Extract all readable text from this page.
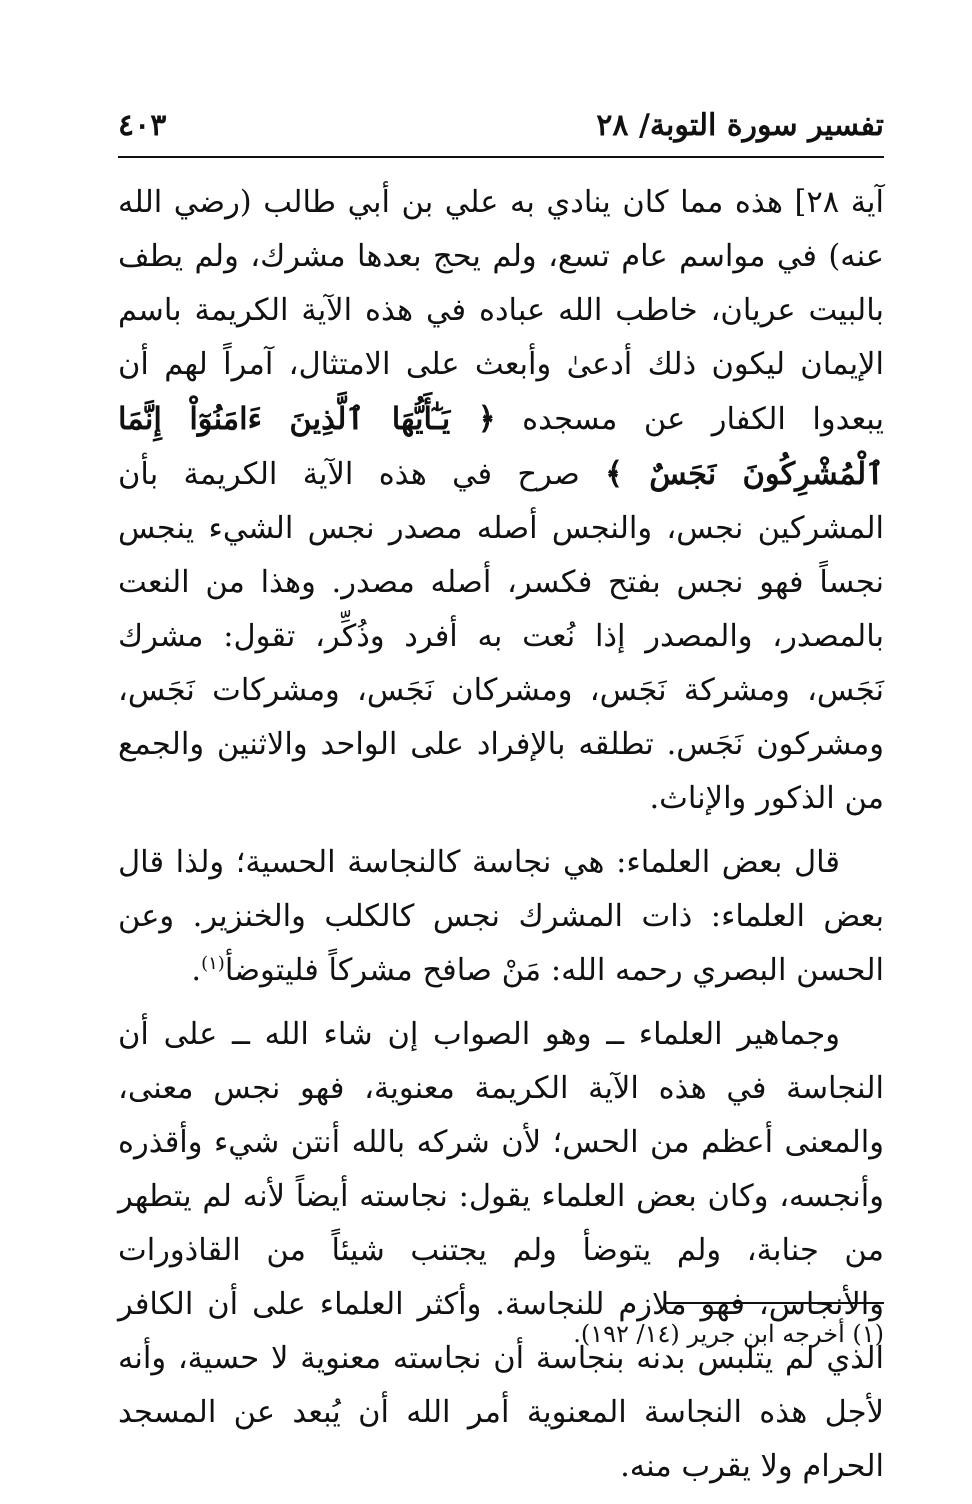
تفسير سورة التوبة/ ٢٨
٤٠٣

آية ٢٨] هذه مما كان ينادي به علي بن أبي طالب (رضي الله عنه) في مواسم عام تسع، ولم يحج بعدها مشرك، ولم يطف بالبيت عريان، خاطب الله عباده في هذه الآية الكريمة باسم الإيمان ليكون ذلك أدعىٰ وأبعث على الامتثال، آمراً لهم أن يبعدوا الكفار عن مسجده ﴿ يَـٰٓأَيُّهَا ٱلَّذِينَ ءَامَنُوٓاْ إِنَّمَا ٱلْمُشْرِكُونَ نَجَسٌ ﴾ صرح في هذه الآية الكريمة بأن المشركين نجس، والنجس أصله مصدر نجس الشيء ينجس نجساً فهو نجس بفتح فكسر، أصله مصدر. وهذا من النعت بالمصدر، والمصدر إذا نُعت به أفرد وذُكِّر، تقول: مشرك نَجَس، ومشركة نَجَس، ومشركان نَجَس، ومشركات نَجَس، ومشركون نَجَس. تطلقه بالإفراد على الواحد والاثنين والجمع من الذكور والإناث.

قال بعض العلماء: هي نجاسة كالنجاسة الحسية؛ ولذا قال بعض العلماء: ذات المشرك نجس كالكلب والخنزير. وعن الحسن البصري رحمه الله: مَنْ صافح مشركاً فليتوضأ$^{(١)}$.

وجماهير العلماء ــ وهو الصواب إن شاء الله ــ على أن النجاسة في هذه الآية الكريمة معنوية، فهو نجس معنى، والمعنى أعظم من الحس؛ لأن شركه بالله أنتن شيء وأقذره وأنجسه، وكان بعض العلماء يقول: نجاسته أيضاً لأنه لم يتطهر من جنابة، ولم يتوضأ ولم يجتنب شيئاً من القاذورات والأنجاس، فهو ملازم للنجاسة. وأكثر العلماء على أن الكافر الذي لم يتلبس بدنه بنجاسة أن نجاسته معنوية لا حسية، وأنه لأجل هذه النجاسة المعنوية أمر الله أن يُبعد عن المسجد الحرام ولا يقرب منه.

(١) أخرجه ابن جرير (١٤/ ١٩٢).
